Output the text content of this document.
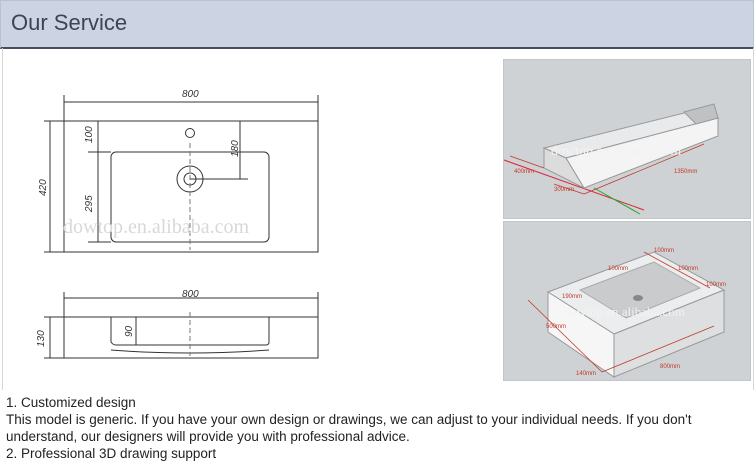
Our Service
800
420
100
180
295
800
130	90
dowtop.en.alibaba.com
400mm
300mm
1350mm
dowtop.en.alibaba.com
100mm
100mm	100mm
190mm
100mm
500mm
140mm
800mm
dowtop.en.alibaba.com
1. Customized design
This model is generic. If you have your own design or drawings, we can adjust to your individual needs. If you don't
understand, our designers will provide you with professional advice.
2. Professional 3D drawing support
